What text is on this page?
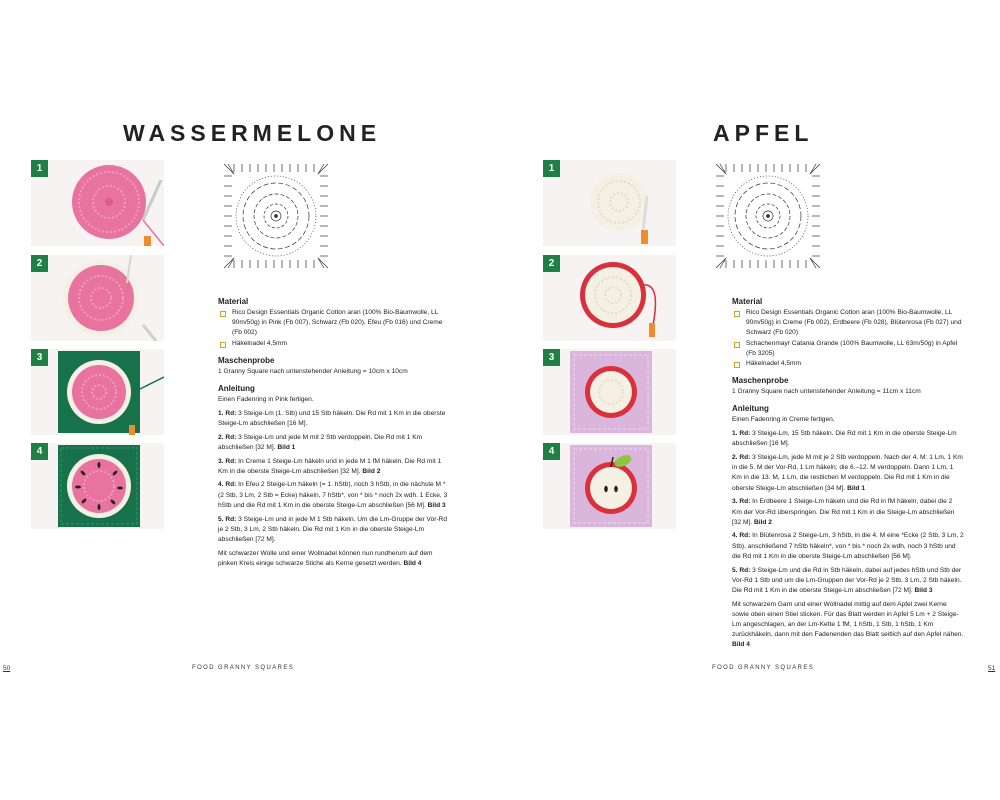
WASSERMELONE
1
2
3
4
Material
Rico Design Essentials Organic Cotton aran (100% Bio-Baumwolle, LL 90m/50g) in Pink (Fb 007), Schwarz (Fb 020), Efeu (Fb 016) und Creme (Fb 002)
Häkelnadel 4,5mm
Maschenprobe

1 Granny Square nach untenstehender Anleitung = 10cm x 10cm

Anleitung

Einen Fadenring in Pink fertigen.

1. Rd: 3 Steige-Lm (1. Stb) und 15 Stb häkeln. Die Rd mit 1 Km in die oberste Steige-Lm abschließen [16 M].

2. Rd: 3 Steige-Lm und jede M mit 2 Stb verdoppeln. Die Rd mit 1 Km abschließen [32 M]. Bild 1

3. Rd: In Creme 1 Steige-Lm häkeln und in jede M 1 fM häkeln. Die Rd mit 1 Km in die oberste Steige-Lm abschließen [32 M]. Bild 2

4. Rd: In Efeu 2 Steige-Lm häkeln (= 1. hStb), noch 3 hStb, in die nächste M *(2 Stb, 3 Lm, 2 Stb = Ecke) häkeln, 7 hStb*, von * bis * noch 2x wdh. 1 Ecke, 3 hStb und die Rd mit 1 Km in die oberste Steige-Lm abschließen [56 M]. Bild 3

5. Rd: 3 Steige-Lm und in jede M 1 Stb häkeln. Um die Lm-Gruppe der Vor-Rd je 2 Stb, 3 Lm, 2 Stb häkeln. Die Rd mit 1 Km in die oberste Steige-Lm abschließen [72 M].

Mit schwarzer Wolle und einer Wollnadel können nun rundherum auf dem pinken Kreis einige schwarze Stiche als Kerne gesetzt werden. Bild 4

50	FOOD GRANNY SQUARES
APFEL
1
2
3
4
Material
Rico Design Essentials Organic Cotton aran (100% Bio-Baumwolle, LL 90m/50g) in Creme (Fb 002), Erdbeere (Fb 028), Blütenrosa (Fb 027) und Schwarz (Fb 020)
Schachenmayr Catania Grande (100% Baumwolle, LL 63m/50g) in Apfel (Fb 3205)
Häkelnadel 4,5mm
Maschenprobe

1 Granny Square nach untenstehender Anleitung = 11cm x 11cm

Anleitung

Einen Fadenring in Creme fertigen.

1. Rd: 3 Steige-Lm, 15 Stb häkeln. Die Rd mit 1 Km in die oberste Steige-Lm abschließen [16 M].

2. Rd: 3 Steige-Lm, jede M mit je 2 Stb verdoppeln. Nach der 4. M: 1 Lm, 1 Km in die 5. M der Vor-Rd, 1 Lm häkeln; die 6.–12. M verdoppeln. Dann 1 Lm, 1 Km in die 13. M, 1 Lm, die restlichen M verdoppeln. Die Rd mit 1 Km in die oberste Steige-Lm abschließen [34 M]. Bild 1

3. Rd: In Erdbeere 1 Steige-Lm häkeln und die Rd in fM häkeln, dabei die 2 Km der Vor-Rd überspringen. Die Rd mit 1 Km in die Steige-Lm abschließen [32 M]. Bild 2

4. Rd: In Blütenrosa 2 Steige-Lm, 3 hStb, in die 4. M eine *Ecke (2 Stb, 3 Lm, 2 Stb), anschließend 7 hStb häkeln*, von * bis * noch 2x wdh, noch 3 hStb und die Rd mit 1 Km in die oberste Steige-Lm abschließen [56 M].

5. Rd: 3 Steige-Lm und die Rd in Stb häkeln, dabei auf jedes hStb und Stb der Vor-Rd 1 Stb und um die Lm-Gruppen der Vor-Rd je 2 Stb, 3 Lm, 2 Stb häkeln. Die Rd mit 1 Km in die oberste Steige-Lm abschließen [72 M]. Bild 3

Mit schwarzem Garn und einer Wollnadel mittig auf dem Apfel zwei Kerne sowie oben einen Stiel sticken. Für das Blatt werden in Apfel 5 Lm + 2 Steige-Lm angeschlagen, an der Lm-Kette 1 fM, 1 hStb, 1 Stb, 1 hStb, 1 Km zurückhäkeln, dann mit den Fadenenden das Blatt seitlich auf den Apfel nähen. Bild 4

FOOD GRANNY SQUARES	51
